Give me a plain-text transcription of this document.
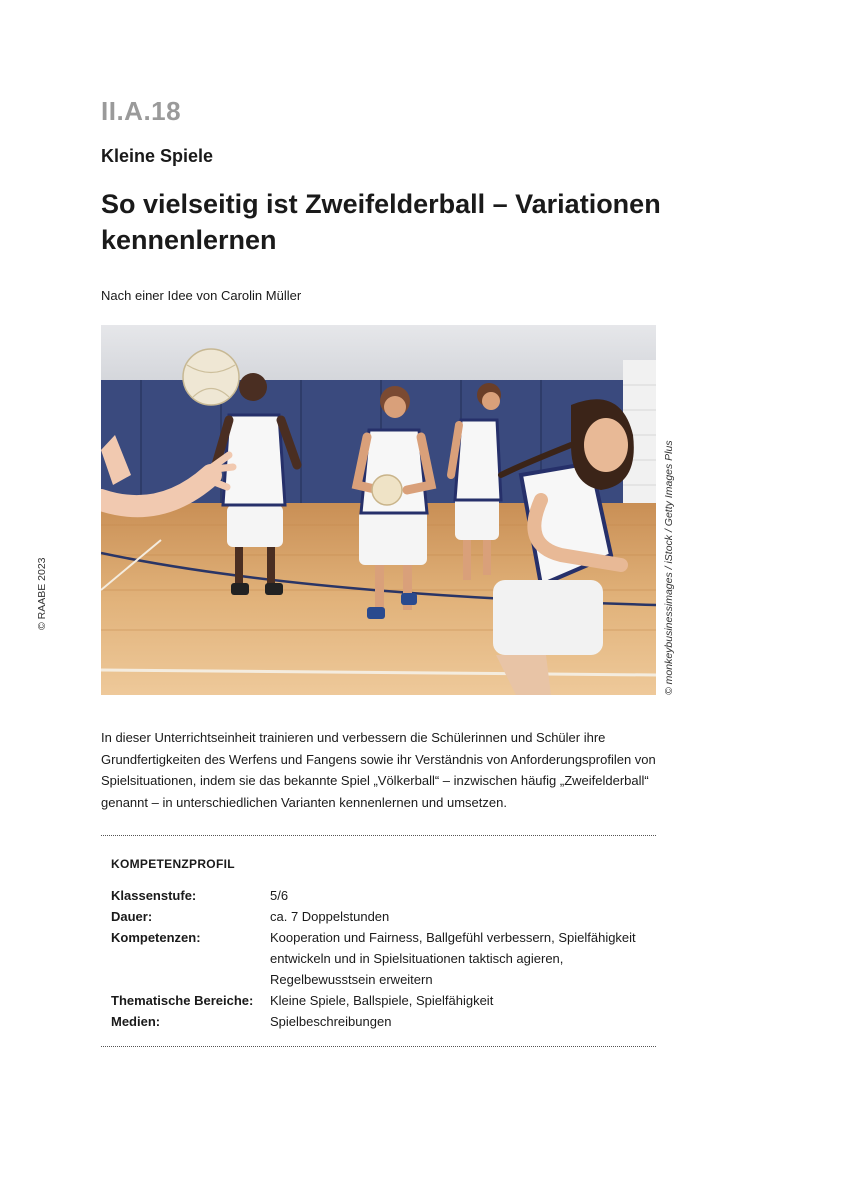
II.A.18
Kleine Spiele
So vielseitig ist Zweifelderball – Variationen kennenlernen
Nach einer Idee von Carolin Müller
© monkeybusinessimages / iStock / Getty Images Plus
© RAABE 2023

In dieser Unterrichtseinheit trainieren und verbessern die Schülerinnen und Schüler ihre Grundfertigkeiten des Werfens und Fangens sowie ihr Verständnis von Anforderungsprofilen von Spielsituationen, indem sie das bekannte Spiel „Völkerball“ – inzwischen häufig „Zweifelderball“ genannt – in unterschiedlichen Varianten kennenlernen und umsetzen.

KOMPETENZPROFIL
Klassenstufe:	5/6
Dauer:	ca. 7 Doppelstunden
Kompetenzen:	Kooperation und Fairness, Ballgefühl verbessern, Spielfähigkeit entwickeln und in Spielsituationen taktisch agieren, Regelbewusstsein erweitern
Thematische Bereiche:	Kleine Spiele, Ballspiele, Spielfähigkeit
Medien:	Spielbeschreibungen
